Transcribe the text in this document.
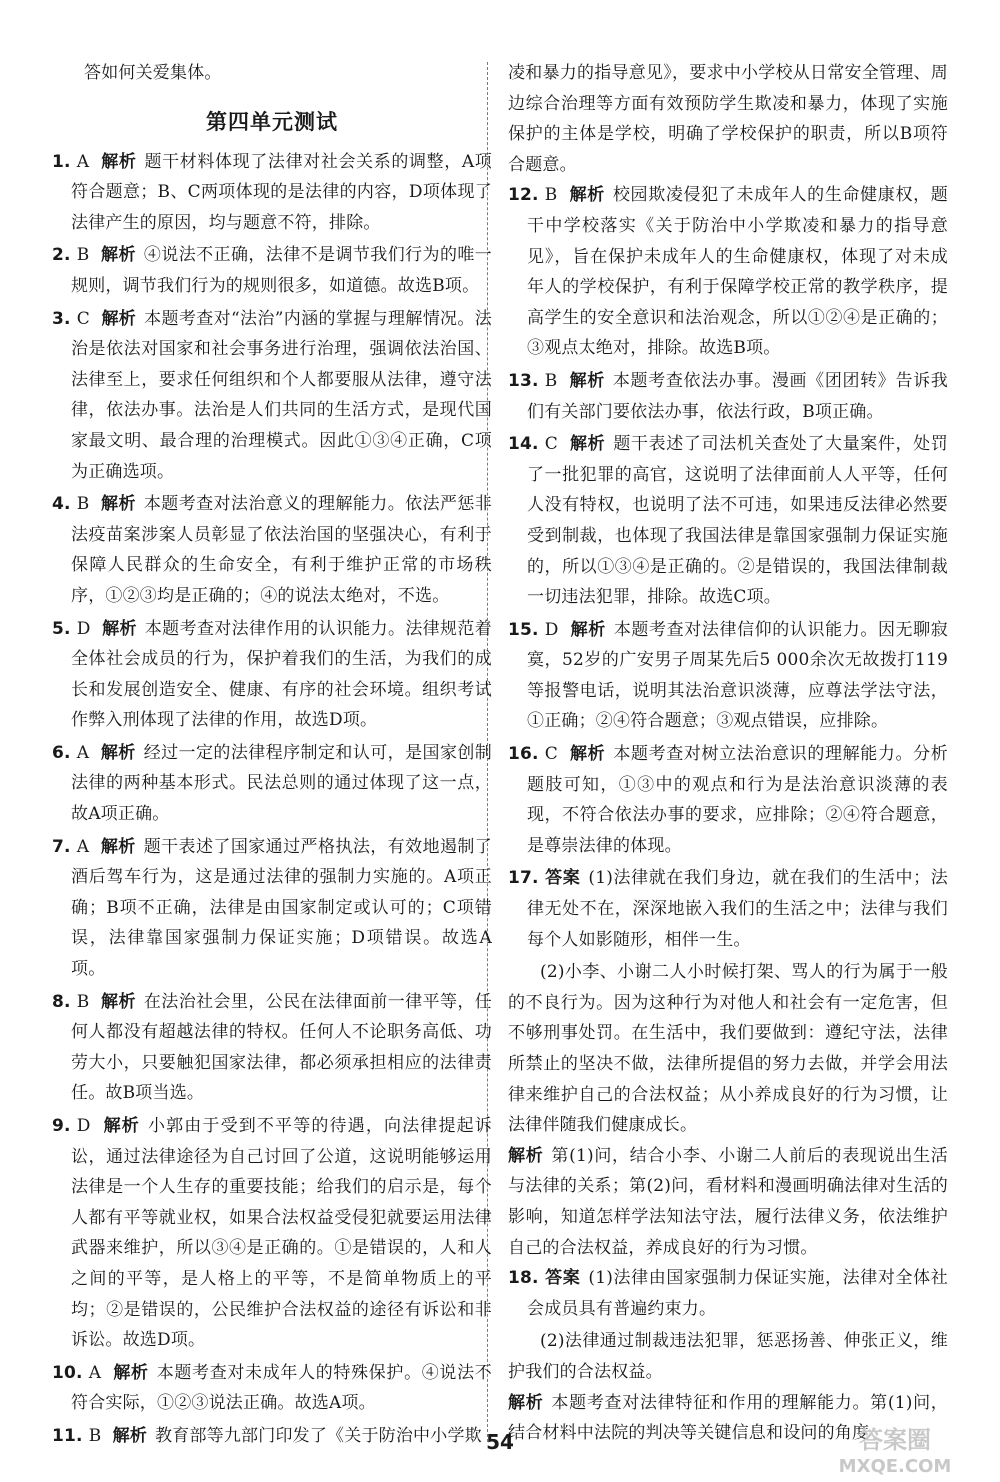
答如何关爱集体。

第四单元测试

1. A 解析 题干材料体现了法律对社会关系的调整，A项符合题意；B、C两项体现的是法律的内容，D项体现了法律产生的原因，均与题意不符，排除。

2. B 解析 ④说法不正确，法律不是调节我们行为的唯一规则，调节我们行为的规则很多，如道德。故选B项。

3. C 解析 本题考查对“法治”内涵的掌握与理解情况。法治是依法对国家和社会事务进行治理，强调依法治国、法律至上，要求任何组织和个人都要服从法律，遵守法律，依法办事。法治是人们共同的生活方式，是现代国家最文明、最合理的治理模式。因此①③④正确，C项为正确选项。

4. B 解析 本题考查对法治意义的理解能力。依法严惩非法疫苗案涉案人员彰显了依法治国的坚强决心，有利于保障人民群众的生命安全，有利于维护正常的市场秩序，①②③均是正确的；④的说法太绝对，不选。

5. D 解析 本题考查对法律作用的认识能力。法律规范着全体社会成员的行为，保护着我们的生活，为我们的成长和发展创造安全、健康、有序的社会环境。组织考试作弊入刑体现了法律的作用，故选D项。

6. A 解析 经过一定的法律程序制定和认可，是国家创制法律的两种基本形式。民法总则的通过体现了这一点，故A项正确。

7. A 解析 题干表述了国家通过严格执法，有效地遏制了酒后驾车行为，这是通过法律的强制力实施的。A项正确；B项不正确，法律是由国家制定或认可的；C项错误，法律靠国家强制力保证实施；D项错误。故选A项。

8. B 解析 在法治社会里，公民在法律面前一律平等，任何人都没有超越法律的特权。任何人不论职务高低、功劳大小，只要触犯国家法律，都必须承担相应的法律责任。故B项当选。

9. D 解析 小郭由于受到不平等的待遇，向法律提起诉讼，通过法律途径为自己讨回了公道，这说明能够运用法律是一个人生存的重要技能；给我们的启示是，每个人都有平等就业权，如果合法权益受侵犯就要运用法律武器来维护，所以③④是正确的。①是错误的，人和人之间的平等，是人格上的平等，不是简单物质上的平均；②是错误的，公民维护合法权益的途径有诉讼和非诉讼。故选D项。

10. A 解析 本题考查对未成年人的特殊保护。④说法不符合实际，①②③说法正确。故选A项。

11. B 解析 教育部等九部门印发了《关于防治中小学欺

凌和暴力的指导意见》，要求中小学校从日常安全管理、周边综合治理等方面有效预防学生欺凌和暴力，体现了实施保护的主体是学校，明确了学校保护的职责，所以B项符合题意。

12. B 解析 校园欺凌侵犯了未成年人的生命健康权，题干中学校落实《关于防治中小学欺凌和暴力的指导意见》，旨在保护未成年人的生命健康权，体现了对未成年人的学校保护，有利于保障学校正常的教学秩序，提高学生的安全意识和法治观念，所以①②④是正确的；③观点太绝对，排除。故选B项。

13. B 解析 本题考查依法办事。漫画《团团转》告诉我们有关部门要依法办事，依法行政，B项正确。

14. C 解析 题干表述了司法机关查处了大量案件，处罚了一批犯罪的高官，这说明了法律面前人人平等，任何人没有特权，也说明了法不可违，如果违反法律必然要受到制裁，也体现了我国法律是靠国家强制力保证实施的，所以①③④是正确的。②是错误的，我国法律制裁一切违法犯罪，排除。故选C项。

15. D 解析 本题考查对法律信仰的认识能力。因无聊寂寞，52岁的广安男子周某先后5 000余次无故拨打119等报警电话，说明其法治意识淡薄，应尊法学法守法，①正确；②④符合题意；③观点错误，应排除。

16. C 解析 本题考查对树立法治意识的理解能力。分析题肢可知，①③中的观点和行为是法治意识淡薄的表现，不符合依法办事的要求，应排除；②④符合题意，是尊崇法律的体现。

17. 答案 (1)法律就在我们身边，就在我们的生活中；法律无处不在，深深地嵌入我们的生活之中；法律与我们每个人如影随形，相伴一生。

(2)小李、小谢二人小时候打架、骂人的行为属于一般的不良行为。因为这种行为对他人和社会有一定危害，但不够刑事处罚。在生活中，我们要做到：遵纪守法，法律所禁止的坚决不做，法律所提倡的努力去做，并学会用法律来维护自己的合法权益；从小养成良好的行为习惯，让法律伴随我们健康成长。

解析 第(1)问，结合小李、小谢二人前后的表现说出生活与法律的关系；第(2)问，看材料和漫画明确法律对生活的影响，知道怎样学法知法守法，履行法律义务，依法维护自己的合法权益，养成良好的行为习惯。

18. 答案 (1)法律由国家强制力保证实施，法律对全体社会成员具有普遍约束力。

(2)法律通过制裁违法犯罪，惩恶扬善、伸张正义，维护我们的合法权益。

解析 本题考查对法律特征和作用的理解能力。第(1)问，结合材料中法院的判决等关键信息和设问的角度

54	答案圈
MXQE.COM
